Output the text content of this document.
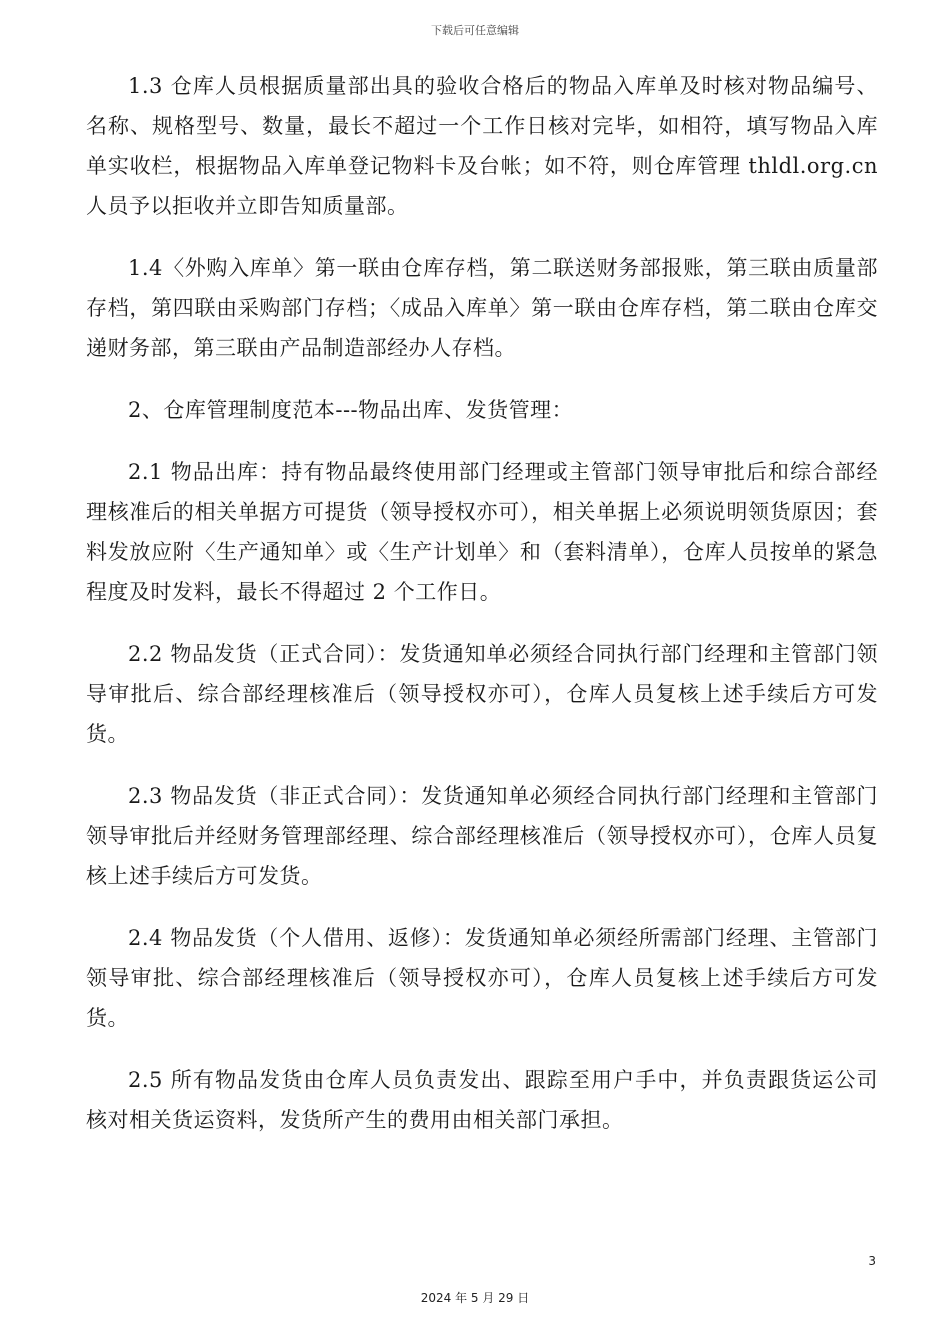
下载后可任意编辑

1.3 仓库人员根据质量部出具的验收合格后的物品入库单及时核对物品编号、名称、规格型号、数量，最长不超过一个工作日核对完毕，如相符，填写物品入库单实收栏，根据物品入库单登记物料卡及台帐；如不符，则仓库管理 thldl.org.cn 人员予以拒收并立即告知质量部。

1.4〈外购入库单〉第一联由仓库存档，第二联送财务部报账，第三联由质量部存档，第四联由采购部门存档；〈成品入库单〉第一联由仓库存档，第二联由仓库交递财务部，第三联由产品制造部经办人存档。

2、仓库管理制度范本---物品出库、发货管理：

2.1 物品出库：持有物品最终使用部门经理或主管部门领导审批后和综合部经理核准后的相关单据方可提货（领导授权亦可），相关单据上必须说明领货原因；套料发放应附〈生产通知单〉或〈生产计划单〉和（套料清单），仓库人员按单的紧急程度及时发料，最长不得超过 2 个工作日。

2.2 物品发货（正式合同）：发货通知单必须经合同执行部门经理和主管部门领导审批后、综合部经理核准后（领导授权亦可），仓库人员复核上述手续后方可发货。

2.3 物品发货（非正式合同）：发货通知单必须经合同执行部门经理和主管部门领导审批后并经财务管理部经理、综合部经理核准后（领导授权亦可），仓库人员复核上述手续后方可发货。

2.4 物品发货（个人借用、返修）：发货通知单必须经所需部门经理、主管部门领导审批、综合部经理核准后（领导授权亦可），仓库人员复核上述手续后方可发货。

2.5 所有物品发货由仓库人员负责发出、跟踪至用户手中，并负责跟货运公司核对相关货运资料，发货所产生的费用由相关部门承担。

3
2024 年 5 月 29 日
